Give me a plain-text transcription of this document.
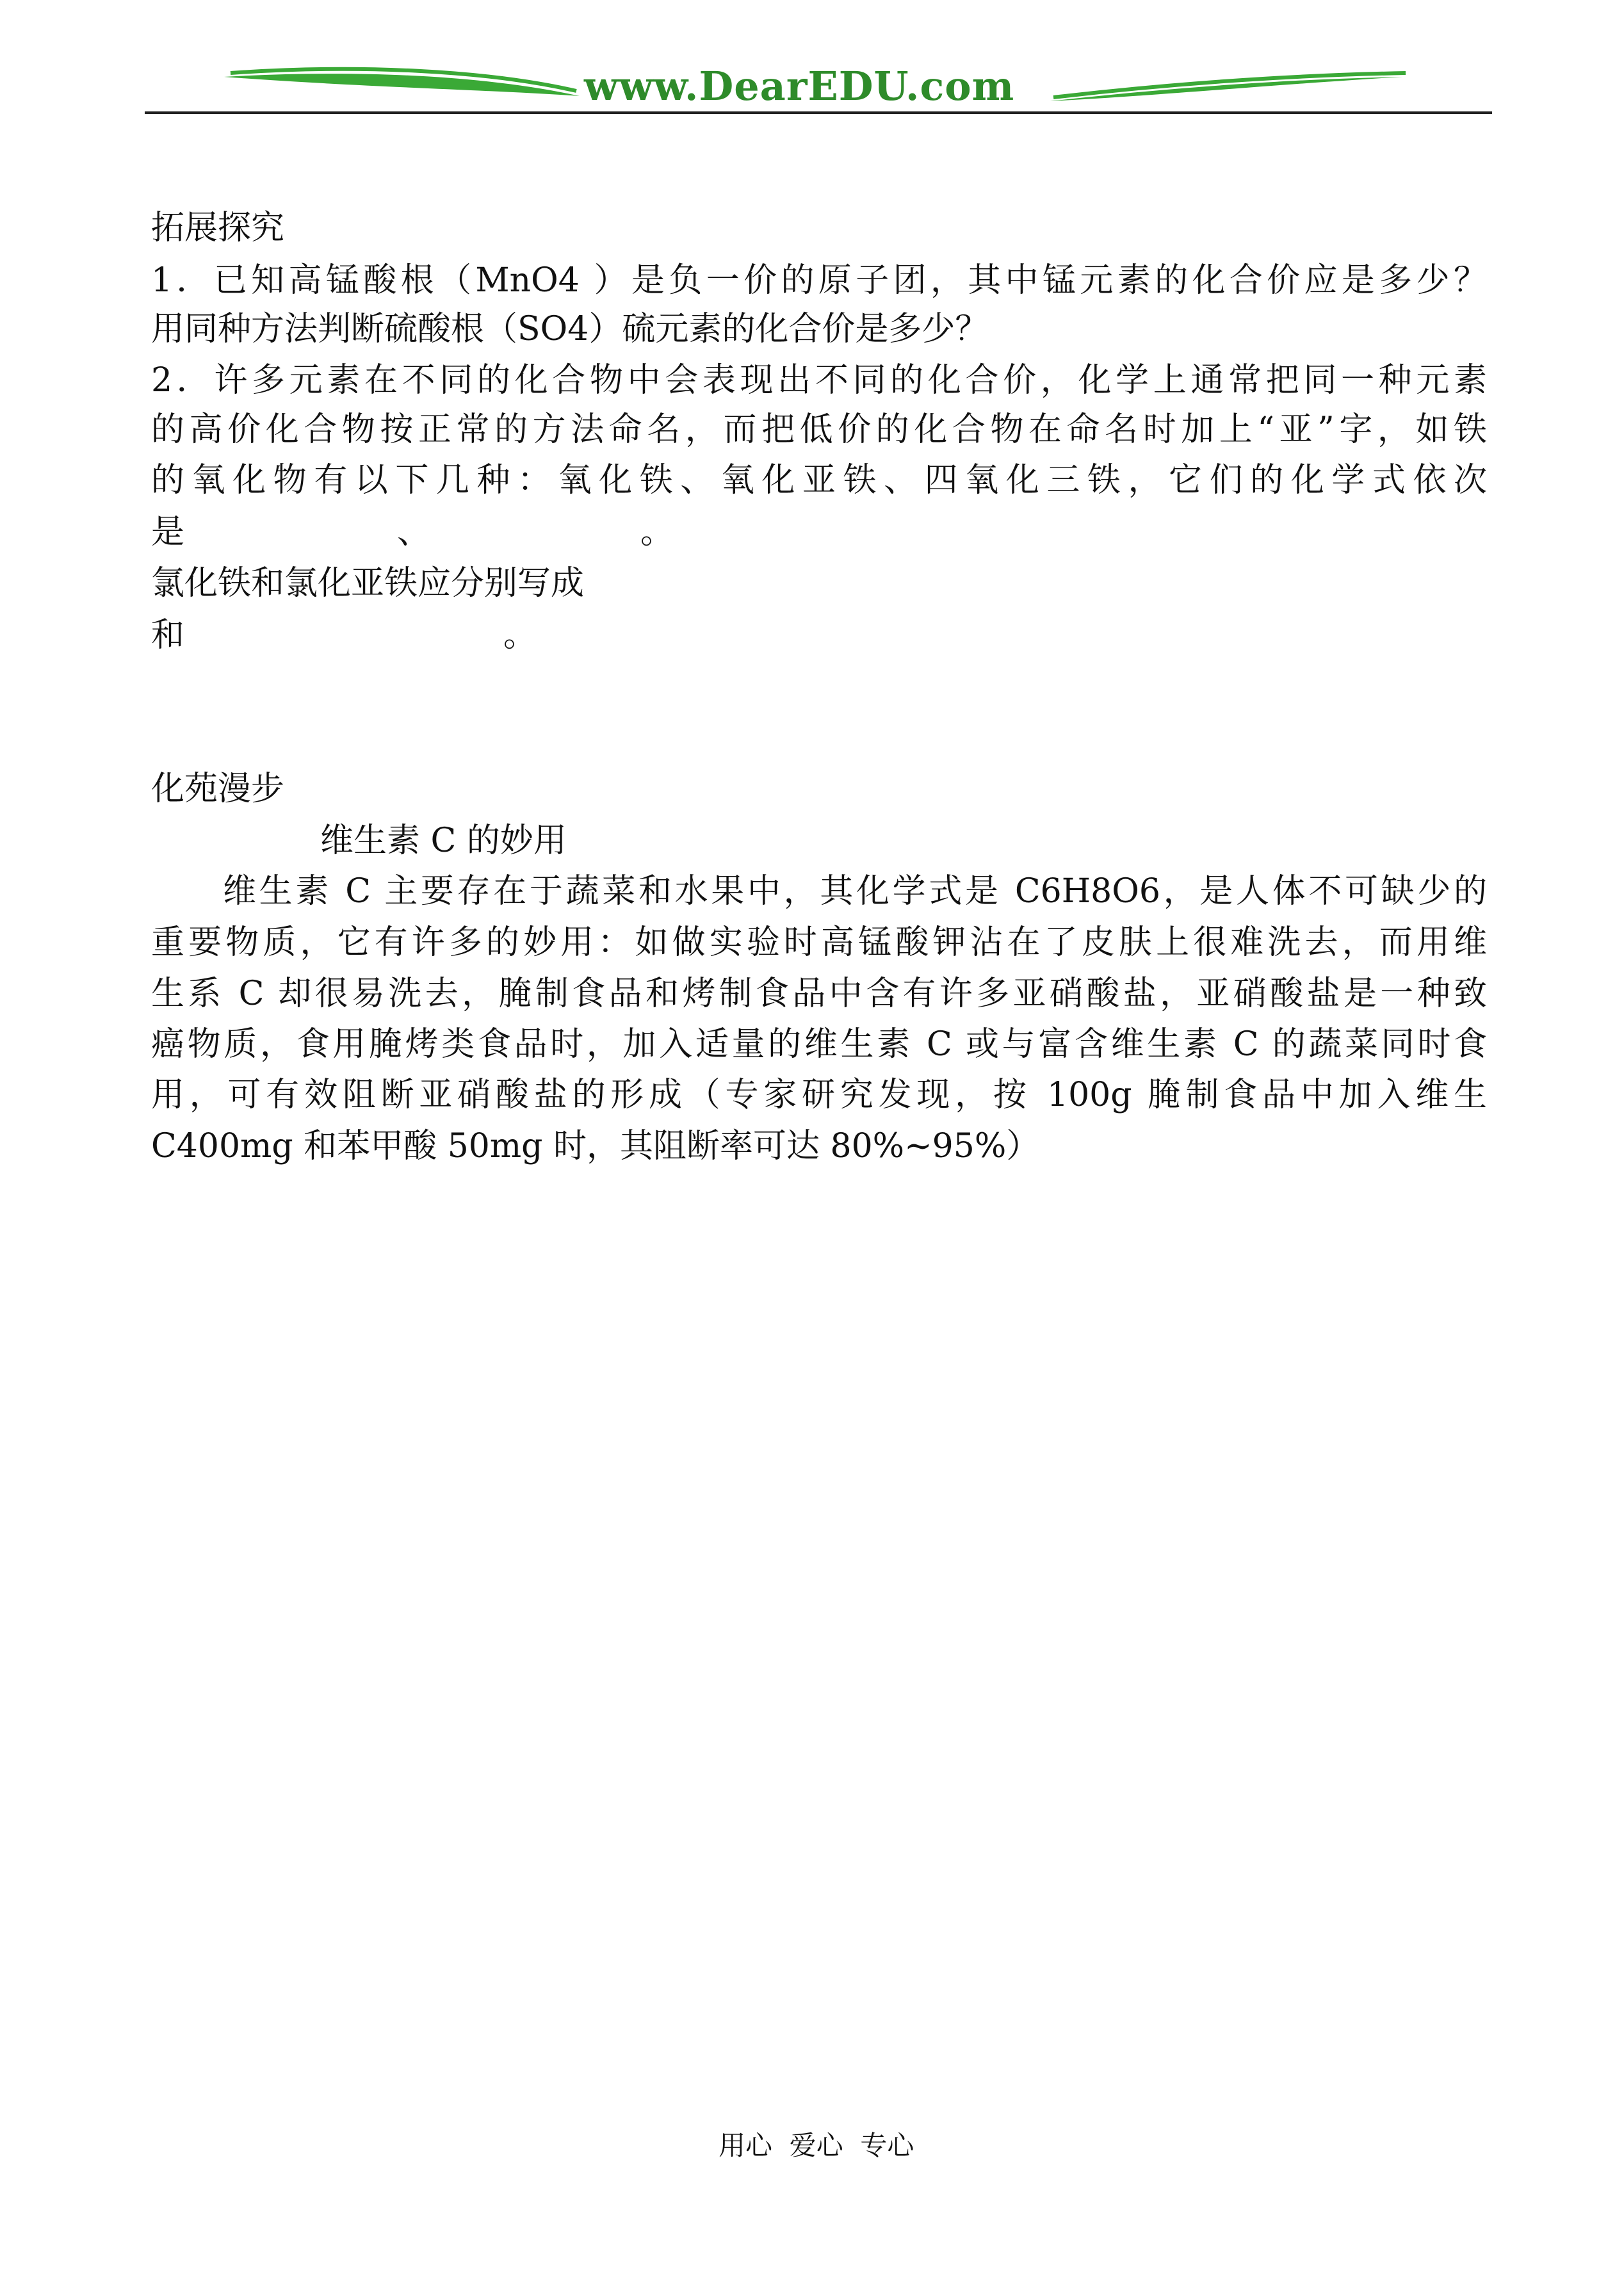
www.DearEDU.com
拓展探究
1．已知高锰酸根（MnO4 ）是负一价的原子团，其中锰元素的化合价应是多少？
用同种方法判断硫酸根（SO4）硫元素的化合价是多少？
2．许多元素在不同的化合物中会表现出不同的化合价，化学上通常把同一种元素
的高价化合物按正常的方法命名，而把低价的化合物在命名时加上“亚”字，如铁
的氧化物有以下几种：氧化铁、氧化亚铁、四氧化三铁，它们的化学式依次
是	、	。
氯化铁和氯化亚铁应分别写成
和	。
化苑漫步
维生素 C 的妙用
维生素 C 主要存在于蔬菜和水果中，其化学式是 C6H8O6，是人体不可缺少的
重要物质，它有许多的妙用：如做实验时高锰酸钾沾在了皮肤上很难洗去，而用维
生系 C 却很易洗去，腌制食品和烤制食品中含有许多亚硝酸盐，亚硝酸盐是一种致
癌物质，食用腌烤类食品时，加入适量的维生素 C 或与富含维生素 C 的蔬菜同时食
用，可有效阻断亚硝酸盐的形成（专家研究发现，按 100g 腌制食品中加入维生
C400mg 和苯甲酸 50mg 时，其阻断率可达 80%~95%）
用心  爱心  专心
